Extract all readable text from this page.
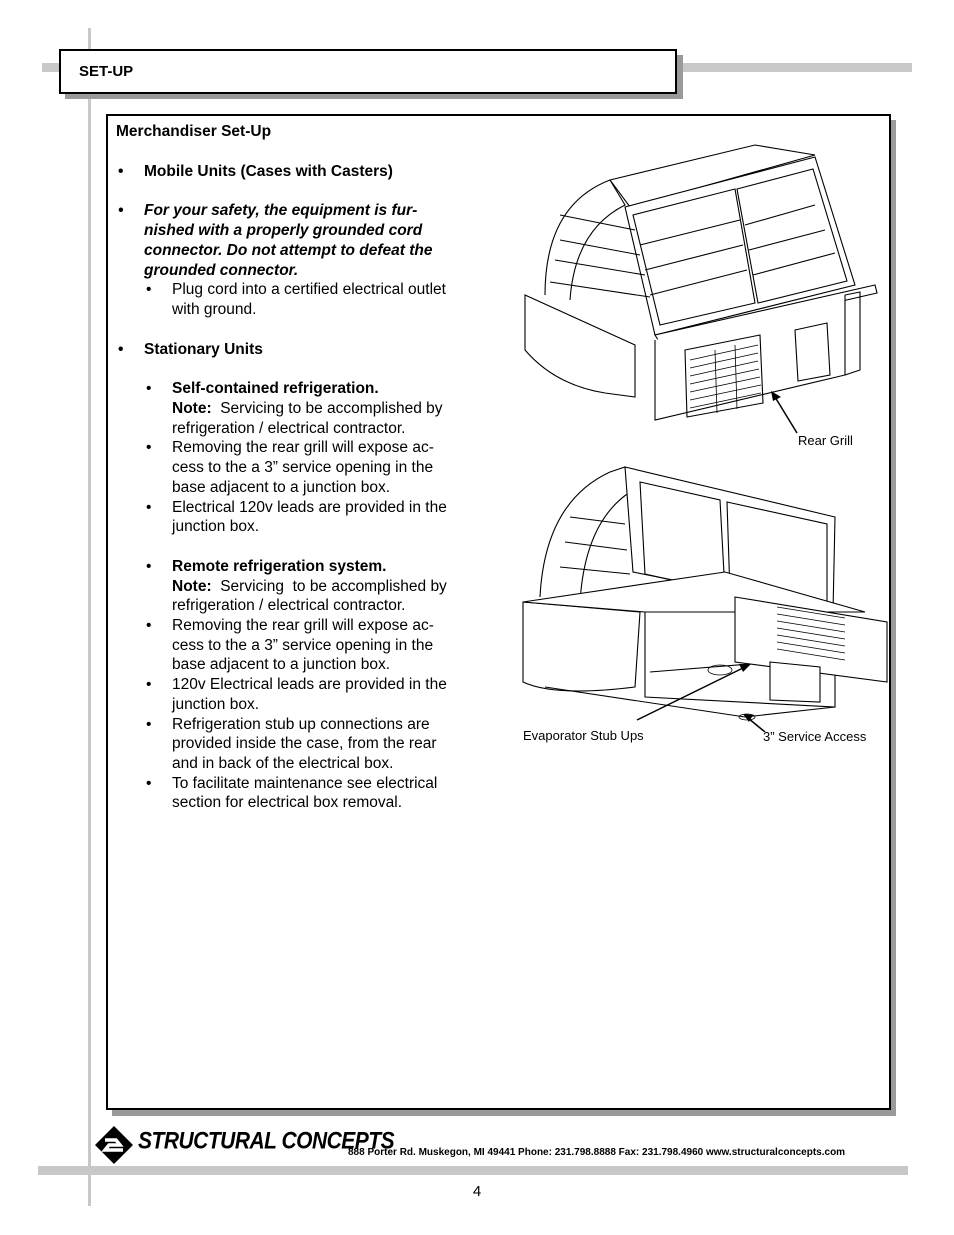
SET-UP

Merchandiser Set-Up

• Mobile Units (Cases with Casters)

• For your safety, the equipment is fur-
nished with a properly grounded cord
connector. Do not attempt to defeat the
grounded connector.
• Plug cord into a certified electrical outlet
with ground.

• Stationary Units

• Self-contained refrigeration.
Note:  Servicing to be accomplished by
refrigeration / electrical contractor.
• Removing the rear grill will expose ac-
cess to the a 3” service opening in the
base adjacent to a junction box.
• Electrical 120v leads are provided in the
junction box.
• Remote refrigeration system.
Note:  Servicing  to be accomplished by
refrigeration / electrical contractor.
• Removing the rear grill will expose ac-
cess to the a 3” service opening in the
base adjacent to a junction box.
• 120v Electrical leads are provided in the
junction box.
• Refrigeration stub up connections are
provided inside the case, from the rear
and in back of the electrical box.
• To facilitate maintenance see electrical
section for electrical box removal.
Rear Grill
Evaporator Stub Ups	3” Service Access
STRUCTURAL CONCEPTS
888 Porter Rd. Muskegon, MI 49441 Phone: 231.798.8888 Fax: 231.798.4960 www.structuralconcepts.com
4
